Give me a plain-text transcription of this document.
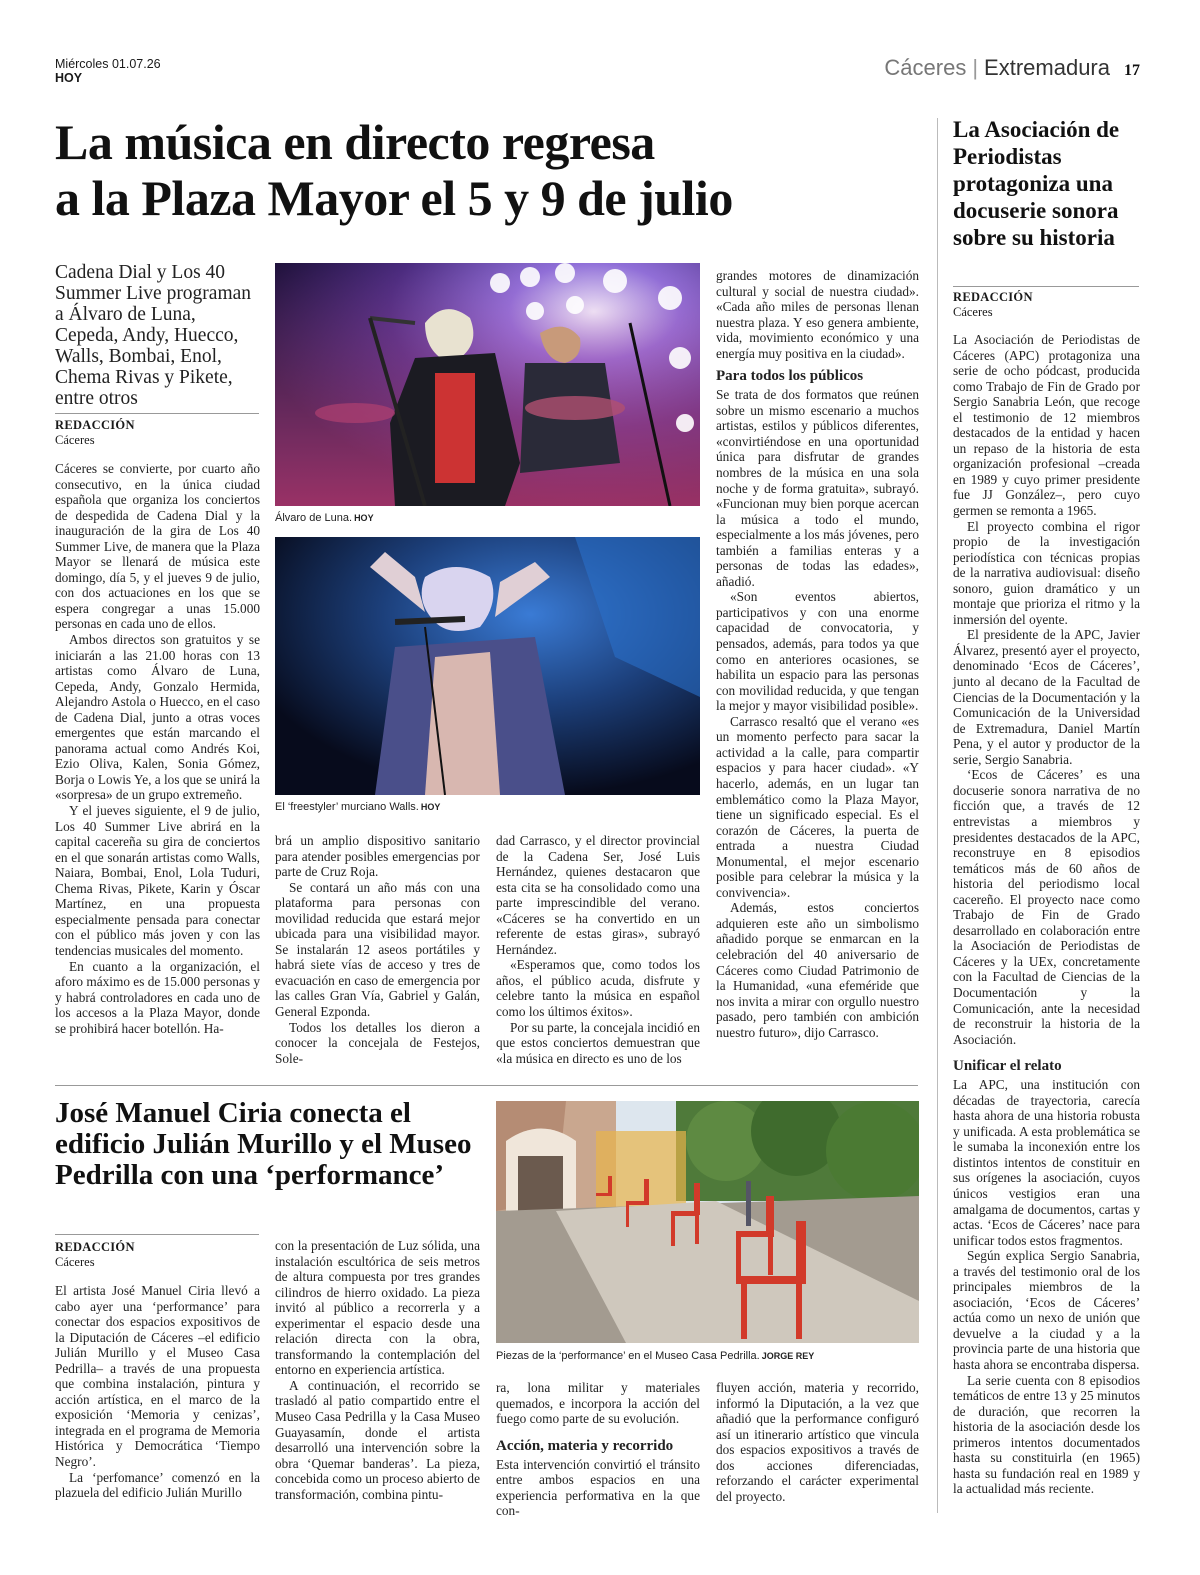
Miércoles 01.07.26
HOY	Cáceres | Extremadura 17
La música en directo regresa
a la Plaza Mayor el 5 y 9 de julio
Cadena Dial y Los 40 Summer Live programan a Álvaro de Luna, Cepeda, Andy, Huecco, Walls, Bombai, Enol, Chema Rivas y Pikete, entre otros
REDACCIÓN
Cáceres

Cáceres se convierte, por cuarto año consecutivo, en la única ciudad española que organiza los conciertos de despedida de Cadena Dial y la inauguración de la gira de Los 40 Summer Live, de manera que la Plaza Mayor se llenará de música este domingo, día 5, y el jueves 9 de julio, con dos actuaciones en los que se espera congregar a unas 15.000 personas en cada uno de ellos.

Ambos directos son gratuitos y se iniciarán a las 21.00 horas con 13 artistas como Álvaro de Luna, Cepeda, Andy, Gonzalo Hermida, Alejandro Astola o Huecco, en el caso de Cadena Dial, junto a otras voces emergentes que están marcando el panorama actual como Andrés Koi, Ezio Oliva, Kalen, Sonia Gómez, Borja o Lowis Ye, a los que se unirá la «sorpresa» de un grupo extremeño.

Y el jueves siguiente, el 9 de julio, Los 40 Summer Live abrirá en la capital cacereña su gira de conciertos en el que sonarán artistas como Walls, Naiara, Bombai, Enol, Lola Tuduri, Chema Rivas, Pikete, Karin y Óscar Martínez, en una propuesta especialmente pensada para conectar con el público más joven y con las tendencias musicales del momento.

En cuanto a la organización, el aforo máximo es de 15.000 personas y y habrá controladores en cada uno de los accesos a la Plaza Mayor, donde se prohibirá hacer botellón. Ha-

Álvaro de Luna. HOY
El ‘freestyler’ murciano Walls. HOY

brá un amplio dispositivo sanitario para atender posibles emergencias por parte de Cruz Roja.

Se contará un año más con una plataforma para personas con movilidad reducida que estará mejor ubicada para una visibilidad mayor. Se instalarán 12 aseos portátiles y habrá siete vías de acceso y tres de evacuación en caso de emergencia por las calles Gran Vía, Gabriel y Galán, General Ezponda.

Todos los detalles los dieron a conocer la concejala de Festejos, Sole-

dad Carrasco, y el director provincial de la Cadena Ser, José Luis Hernández, quienes destacaron que esta cita se ha consolidado como una parte imprescindible del verano. «Cáceres se ha convertido en un referente de estas giras», subrayó Hernández.

«Esperamos que, como todos los años, el público acuda, disfrute y celebre tanto la música en español como los últimos éxitos».

Por su parte, la concejala incidió en que estos conciertos demuestran que «la música en directo es uno de los

grandes motores de dinamización cultural y social de nuestra ciudad». «Cada año miles de personas llenan nuestra plaza. Y eso genera ambiente, vida, movimiento económico y una energía muy positiva en la ciudad».

Para todos los públicos

Se trata de dos formatos que reúnen sobre un mismo escenario a muchos artistas, estilos y públicos diferentes, «convirtiéndose en una oportunidad única para disfrutar de grandes nombres de la música en una sola noche y de forma gratuita», subrayó. «Funcionan muy bien porque acercan la música a todo el mundo, especialmente a los más jóvenes, pero también a familias enteras y a personas de todas las edades», añadió.

«Son eventos abiertos, participativos y con una enorme capacidad de convocatoria, y pensados, además, para todos ya que como en anteriores ocasiones, se habilita un espacio para las personas con movilidad reducida, y que tengan la mejor y mayor visibilidad posible».

Carrasco resaltó que el verano «es un momento perfecto para sacar la actividad a la calle, para compartir espacios y para hacer ciudad». «Y hacerlo, además, en un lugar tan emblemático como la Plaza Mayor, tiene un significado especial. Es el corazón de Cáceres, la puerta de entrada a nuestra Ciudad Monumental, el mejor escenario posible para celebrar la música y la convivencia».

Además, estos conciertos adquieren este año un simbolismo añadido porque se enmarcan en la celebración del 40 aniversario de Cáceres como Ciudad Patrimonio de la Humanidad, «una efeméride que nos invita a mirar con orgullo nuestro pasado, pero también con ambición nuestro futuro», dijo Carrasco.

La Asociación de Periodistas protagoniza una docuserie sonora sobre su historia
REDACCIÓN
Cáceres

La Asociación de Periodistas de Cáceres (APC) protagoniza una serie de ocho pódcast, producida como Trabajo de Fin de Grado por Sergio Sanabria León, que recoge el testimonio de 12 miembros destacados de la entidad y hacen un repaso de la historia de esta organización profesional –creada en 1989 y cuyo primer presidente fue JJ González–, pero cuyo germen se remonta a 1965.

El proyecto combina el rigor propio de la investigación periodística con técnicas propias de la narrativa audiovisual: diseño sonoro, guion dramático y un montaje que prioriza el ritmo y la inmersión del oyente.

El presidente de la APC, Javier Álvarez, presentó ayer el proyecto, denominado ‘Ecos de Cáceres’, junto al decano de la Facultad de Ciencias de la Documentación y la Comunicación de la Universidad de Extremadura, Daniel Martín Pena, y el autor y productor de la serie, Sergio Sanabria.

‘Ecos de Cáceres’ es una docuserie sonora narrativa de no ficción que, a través de 12 entrevistas a miembros y presidentes destacados de la APC, reconstruye en 8 episodios temáticos más de 60 años de historia del periodismo local cacereño. El proyecto nace como Trabajo de Fin de Grado desarrollado en colaboración entre la Asociación de Periodistas de Cáceres y la UEx, concretamente con la Facultad de Ciencias de la Documentación y la Comunicación, ante la necesidad de reconstruir la historia de la Asociación.

Unificar el relato

La APC, una institución con décadas de trayectoria, carecía hasta ahora de una historia robusta y unificada. A esta problemática se le sumaba la inconexión entre los distintos intentos de constituir en sus orígenes la asociación, cuyos únicos vestigios eran una amalgama de documentos, cartas y actas. ‘Ecos de Cáceres’ nace para unificar todos estos fragmentos.

Según explica Sergio Sanabria, a través del testimonio oral de los principales miembros de la asociación, ‘Ecos de Cáceres’ actúa como un nexo de unión que devuelve a la ciudad y a la provincia parte de una historia que hasta ahora se encontraba dispersa.

La serie cuenta con 8 episodios temáticos de entre 13 y 25 minutos de duración, que recorren la historia de la asociación desde los primeros intentos documentados hasta su constituirla (en 1965) hasta su fundación real en 1989 y la actualidad más reciente.

José Manuel Ciria conecta el edificio Julián Murillo y el Museo Pedrilla con una ‘performance’
REDACCIÓN
Cáceres

El artista José Manuel Ciria llevó a cabo ayer una ‘performance’ para conectar dos espacios expositivos de la Diputación de Cáceres –el edificio Julián Murillo y el Museo Casa Pedrilla– a través de una propuesta que combina instalación, pintura y acción artística, en el marco de la exposición ‘Memoria y cenizas’, integrada en el programa de Memoria Histórica y Democrática ‘Tiempo Negro’.

La ‘perfomance’ comenzó en la plazuela del edificio Julián Murillo

con la presentación de Luz sólida, una instalación escultórica de seis metros de altura compuesta por tres grandes cilindros de hierro oxidado. La pieza invitó al público a recorrerla y a experimentar el espacio desde una relación directa con la obra, transformando la contemplación del entorno en experiencia artística.

A continuación, el recorrido se trasladó al patio compartido entre el Museo Casa Pedrilla y la Casa Museo Guayasamín, donde el artista desarrolló una intervención sobre la obra ‘Quemar banderas’. La pieza, concebida como un proceso abierto de transformación, combina pintu-

Piezas de la ‘performance’ en el Museo Casa Pedrilla. JORGE REY

ra, lona militar y materiales quemados, e incorpora la acción del fuego como parte de su evolución.

Acción, materia y recorrido

Esta intervención convirtió el tránsito entre ambos espacios en una experiencia performativa en la que con-

fluyen acción, materia y recorrido, informó la Diputación, a la vez que añadió que la performance configuró así un itinerario artístico que vincula dos espacios expositivos a través de dos acciones diferenciadas, reforzando el carácter experimental del proyecto.
